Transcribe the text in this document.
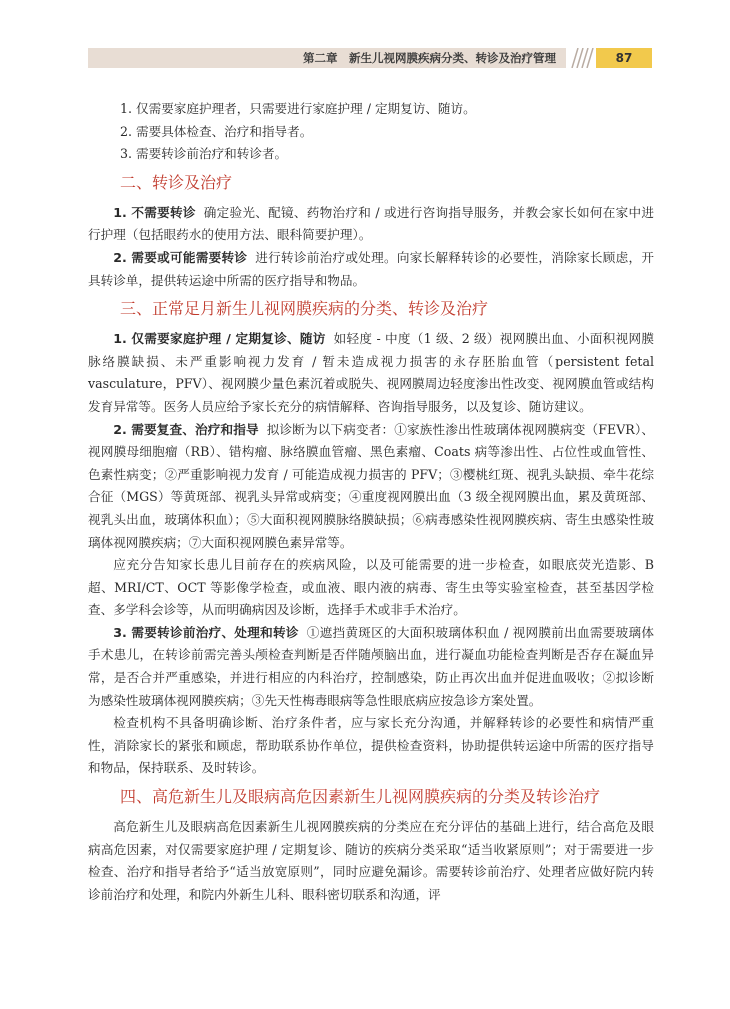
第二章　新生儿视网膜疾病分类、转诊及治疗管理	87

1. 仅需要家庭护理者，只需要进行家庭护理 / 定期复访、随访。

2. 需要具体检查、治疗和指导者。

3. 需要转诊前治疗和转诊者。

二、转诊及治疗

1. 不需要转诊 确定验光、配镜、药物治疗和 / 或进行咨询指导服务，并教会家长如何在家中进行护理（包括眼药水的使用方法、眼科简要护理）。

2. 需要或可能需要转诊 进行转诊前治疗或处理。向家长解释转诊的必要性，消除家长顾虑，开具转诊单，提供转运途中所需的医疗指导和物品。

三、正常足月新生儿视网膜疾病的分类、转诊及治疗

1. 仅需要家庭护理 / 定期复诊、随访 如轻度 - 中度（1 级、2 级）视网膜出血、小面积视网膜脉络膜缺损、未严重影响视力发育 / 暂未造成视力损害的永存胚胎血管（persistent fetal vasculature，PFV）、视网膜少量色素沉着或脱失、视网膜周边轻度渗出性改变、视网膜血管或结构发育异常等。医务人员应给予家长充分的病情解释、咨询指导服务，以及复诊、随访建议。

2. 需要复查、治疗和指导 拟诊断为以下病变者：①家族性渗出性玻璃体视网膜病变（FEVR）、视网膜母细胞瘤（RB）、错构瘤、脉络膜血管瘤、黑色素瘤、Coats 病等渗出性、占位性或血管性、色素性病变；②严重影响视力发育 / 可能造成视力损害的 PFV；③樱桃红斑、视乳头缺损、牵牛花综合征（MGS）等黄斑部、视乳头异常或病变；④重度视网膜出血（3 级全视网膜出血，累及黄斑部、视乳头出血，玻璃体积血）；⑤大面积视网膜脉络膜缺损；⑥病毒感染性视网膜疾病、寄生虫感染性玻璃体视网膜疾病；⑦大面积视网膜色素异常等。

应充分告知家长患儿目前存在的疾病风险，以及可能需要的进一步检查，如眼底荧光造影、B 超、MRI/CT、OCT 等影像学检查，或血液、眼内液的病毒、寄生虫等实验室检查，甚至基因学检查、多学科会诊等，从而明确病因及诊断，选择手术或非手术治疗。

3. 需要转诊前治疗、处理和转诊 ①遮挡黄斑区的大面积玻璃体积血 / 视网膜前出血需要玻璃体手术患儿，在转诊前需完善头颅检查判断是否伴随颅脑出血，进行凝血功能检查判断是否存在凝血异常，是否合并严重感染，并进行相应的内科治疗，控制感染，防止再次出血并促进血吸收；②拟诊断为感染性玻璃体视网膜疾病；③先天性梅毒眼病等急性眼底病应按急诊方案处置。

检查机构不具备明确诊断、治疗条件者，应与家长充分沟通，并解释转诊的必要性和病情严重性，消除家长的紧张和顾虑，帮助联系协作单位，提供检查资料，协助提供转运途中所需的医疗指导和物品，保持联系、及时转诊。

四、高危新生儿及眼病高危因素新生儿视网膜疾病的分类及转诊治疗

高危新生儿及眼病高危因素新生儿视网膜疾病的分类应在充分评估的基础上进行，结合高危及眼病高危因素，对仅需要家庭护理 / 定期复诊、随访的疾病分类采取“适当收紧原则”；对于需要进一步检查、治疗和指导者给予“适当放宽原则”，同时应避免漏诊。需要转诊前治疗、处理者应做好院内转诊前治疗和处理，和院内外新生儿科、眼科密切联系和沟通，评
